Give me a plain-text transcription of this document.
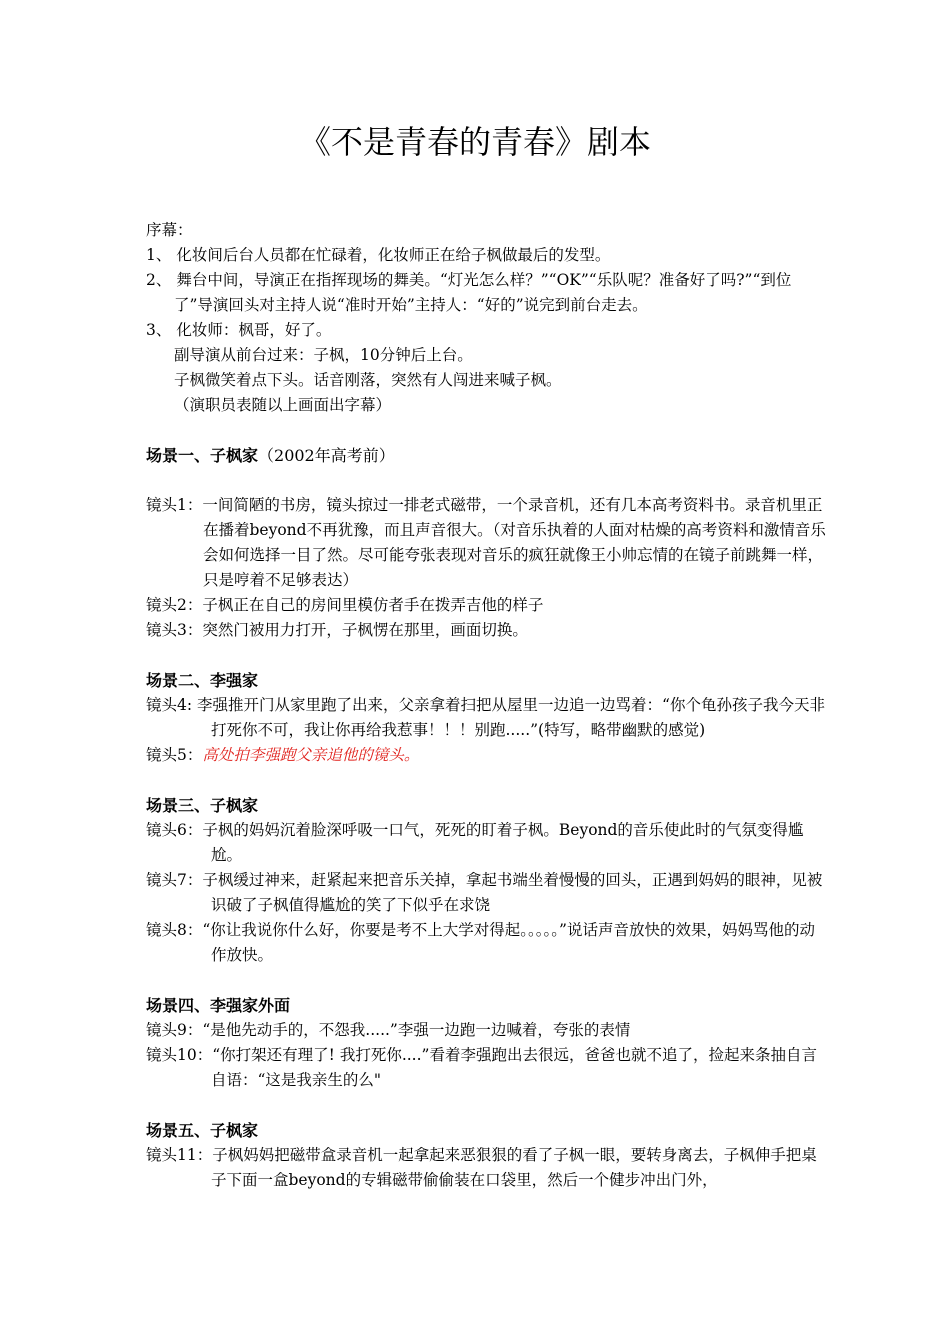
《不是青春的青春》剧本

序幕：

1、 化妆间后台人员都在忙碌着，化妆师正在给子枫做最后的发型。

2、 舞台中间，导演正在指挥现场的舞美。“灯光怎么样？”“OK”“乐队呢？准备好了吗?”“到位了”导演回头对主持人说“准时开始”主持人：“好的”说完到前台走去。

3、 化妆师：枫哥，好了。

副导演从前台过来：子枫，10分钟后上台。

子枫微笑着点下头。话音刚落，突然有人闯进来喊子枫。

（演职员表随以上画面出字幕）

场景一、子枫家（2002年高考前）

镜头1：一间简陋的书房，镜头掠过一排老式磁带，一个录音机，还有几本高考资料书。录音机里正在播着beyond不再犹豫，而且声音很大。（对音乐执着的人面对枯燥的高考资料和激情音乐会如何选择一目了然。尽可能夸张表现对音乐的疯狂就像王小帅忘情的在镜子前跳舞一样，只是哼着不足够表达）

镜头2：子枫正在自己的房间里模仿者手在拨弄吉他的样子

镜头3：突然门被用力打开，子枫愣在那里，画面切换。

场景二、李强家

镜头4: 李强推开门从家里跑了出来，父亲拿着扫把从屋里一边追一边骂着：“你个龟孙孩子我今天非打死你不可，我让你再给我惹事！！！别跑.....”(特写，略带幽默的感觉)

镜头5：高处拍李强跑父亲追他的镜头。

场景三、子枫家

镜头6：子枫的妈妈沉着脸深呼吸一口气，死死的盯着子枫。Beyond的音乐使此时的气氛变得尴尬。

镜头7：子枫缓过神来，赶紧起来把音乐关掉，拿起书端坐着慢慢的回头，正遇到妈妈的眼神，见被识破了子枫值得尴尬的笑了下似乎在求饶

镜头8：“你让我说你什么好，你要是考不上大学对得起。。。。。”说话声音放快的效果，妈妈骂他的动作放快。

场景四、李强家外面

镜头9：“是他先动手的，不怨我.....”李强一边跑一边喊着，夸张的表情

镜头10：“你打架还有理了! 我打死你....”看着李强跑出去很远，爸爸也就不追了，捡起来条抽自言自语：“这是我亲生的么"

场景五、子枫家

镜头11：子枫妈妈把磁带盒录音机一起拿起来恶狠狠的看了子枫一眼，要转身离去，子枫伸手把桌子下面一盒beyond的专辑磁带偷偷装在口袋里，然后一个健步冲出门外，
